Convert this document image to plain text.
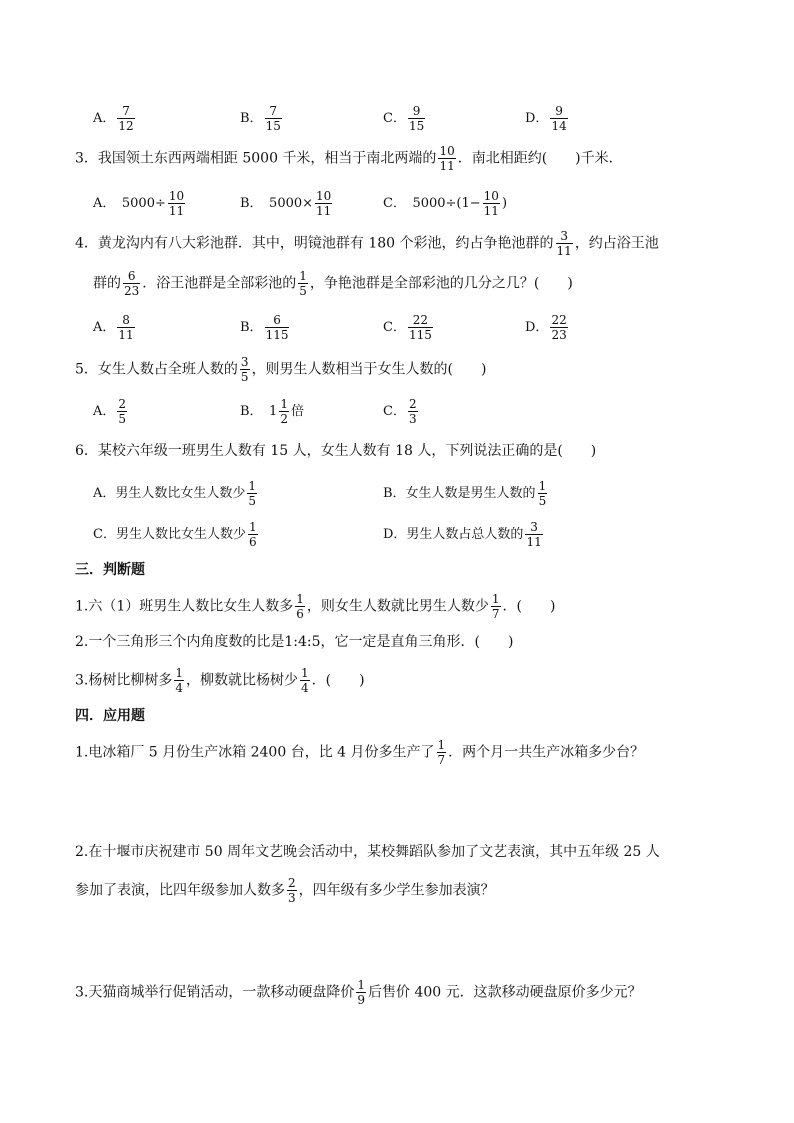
A． $\frac{7}{12}$	B． $\frac{7}{15}$	C． $\frac{9}{15}$	D． $\frac{9}{14}$
3．我国领土东西两端相距 5000 千米，相当于南北两端的 $\frac{10}{11}$ ．南北相距约(　　)千米．
A．　$5000\div \frac{10}{11}$	B．　$5000\times \frac{10}{11}$	C．　$5000\div(1- \frac{10}{11}$ )
4．黄龙沟内有八大彩池群．其中，明镜池群有 180 个彩池，约占争艳池群的 $\frac{3}{11}$ ，约占浴王池
群的 $\frac{6}{23}$ ．浴王池群是全部彩池的 $\frac{1}{5}$ ，争艳池群是全部彩池的几分之几？(　　)
A． $\frac{8}{11}$	B． $\frac{6}{115}$	C． $\frac{22}{115}$	D． $\frac{22}{23}$
5．女生人数占全班人数的 $\frac{3}{5}$ ，则男生人数相当于女生人数的(　　)
A． $\frac{2}{5}$	B．　$1 \frac{1}{2}$ 倍	C． $\frac{2}{3}$
6．某校六年级一班男生人数有 15 人，女生人数有 18 人，下列说法正确的是(　　)
A．男生人数比女生人数少 $\frac{1}{5}$	B．女生人数是男生人数的 $\frac{1}{5}$
C．男生人数比女生人数少 $\frac{1}{6}$	D．男生人数占总人数的 $\frac{3}{11}$
三．判断题
1.六（1）班男生人数比女生人数多 $\frac{1}{6}$ ，则女生人数就比男生人数少 $\frac{1}{7}$ ．(　　)
2.一个三角形三个内角度数的比是1:4:5，它一定是直角三角形．(　　)
3.杨树比柳树多 $\frac{1}{4}$ ，柳数就比杨树少 $\frac{1}{4}$ ．(　　)
四．应用题
1.电冰箱厂 5 月份生产冰箱 2400 台，比 4 月份多生产了 $\frac{1}{7}$ ．两个月一共生产冰箱多少台？
2.在十堰市庆祝建市 50 周年文艺晚会活动中，某校舞蹈队参加了文艺表演，其中五年级 25 人
参加了表演，比四年级参加人数多 $\frac{2}{3}$ ，四年级有多少学生参加表演？
3.天猫商城举行促销活动，一款移动硬盘降价 $\frac{1}{9}$ 后售价 400 元．这款移动硬盘原价多少元？
